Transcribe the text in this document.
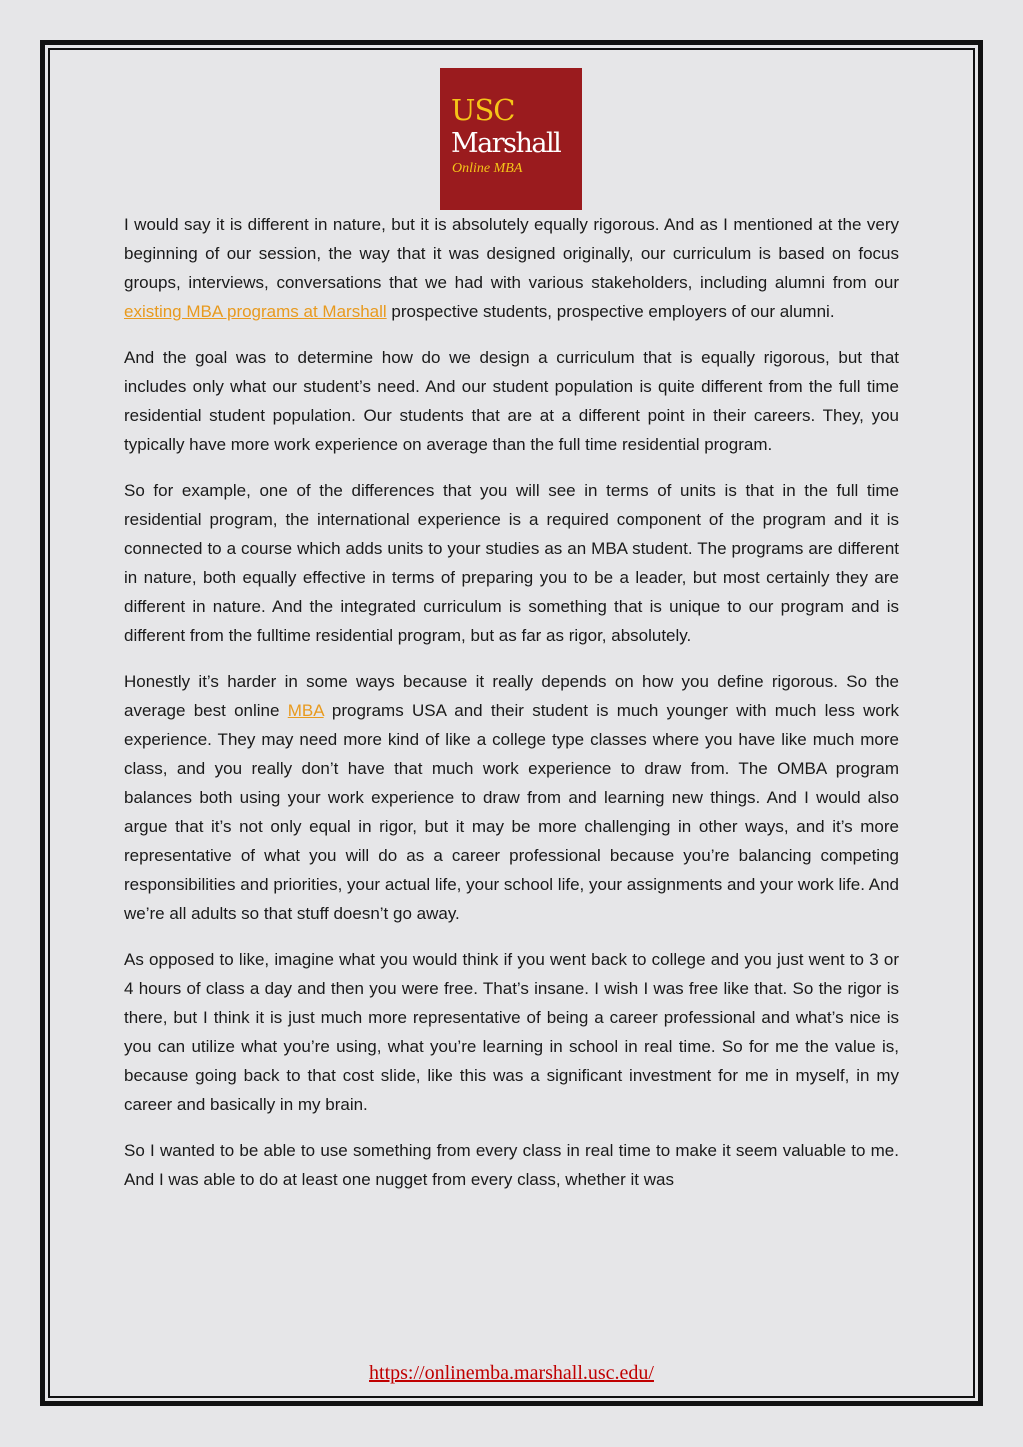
USC
Marshall
Online MBA

I would say it is different in nature, but it is absolutely equally rigorous. And as I mentioned at the very beginning of our session, the way that it was designed originally, our curriculum is based on focus groups, interviews, conversations that we had with various stakeholders, including alumni from our existing MBA programs at Marshall prospective students, prospective employers of our alumni.

And the goal was to determine how do we design a curriculum that is equally rigorous, but that includes only what our student’s need. And our student population is quite different from the full time residential student population. Our students that are at a different point in their careers. They, you typically have more work experience on average than the full time residential program.

So for example, one of the differences that you will see in terms of units is that in the full time residential program, the international experience is a required component of the program and it is connected to a course which adds units to your studies as an MBA student. The programs are different in nature, both equally effective in terms of preparing you to be a leader, but most certainly they are different in nature. And the integrated curriculum is something that is unique to our program and is different from the fulltime residential program, but as far as rigor, absolutely.

Honestly it’s harder in some ways because it really depends on how you define rigorous. So the average best online MBA programs USA and their student is much younger with much less work experience. They may need more kind of like a college type classes where you have like much more class, and you really don’t have that much work experience to draw from. The OMBA program balances both using your work experience to draw from and learning new things. And I would also argue that it’s not only equal in rigor, but it may be more challenging in other ways, and it’s more representative of what you will do as a career professional because you’re balancing competing responsibilities and priorities, your actual life, your school life, your assignments and your work life. And we’re all adults so that stuff doesn’t go away.

As opposed to like, imagine what you would think if you went back to college and you just went to 3 or 4 hours of class a day and then you were free. That’s insane. I wish I was free like that. So the rigor is there, but I think it is just much more representative of being a career professional and what’s nice is you can utilize what you’re using, what you’re learning in school in real time. So for me the value is, because going back to that cost slide, like this was a significant investment for me in myself, in my career and basically in my brain.

So I wanted to be able to use something from every class in real time to make it seem valuable to me. And I was able to do at least one nugget from every class, whether it was

https://onlinemba.marshall.usc.edu/
